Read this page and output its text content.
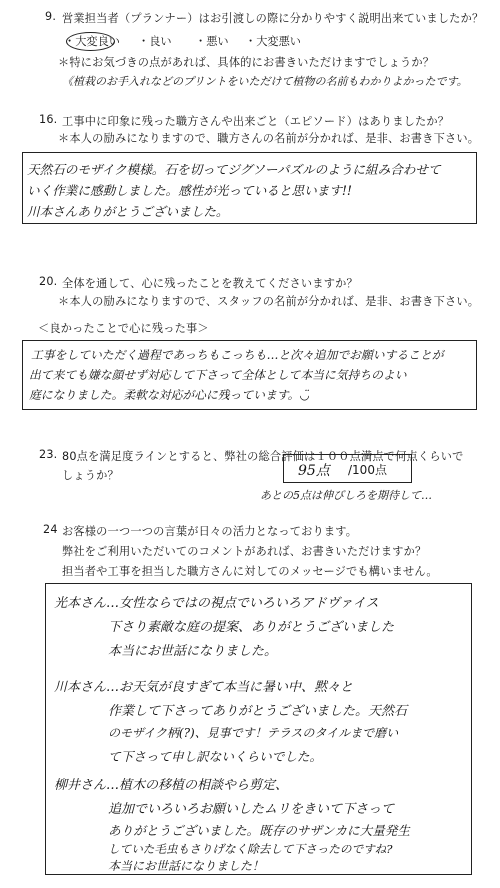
9. 営業担当者（プランナー）はお引渡しの際に分かりやすく説明出来ていましたか？
・大変良い ・良い ・悪い ・大変悪い
＊特にお気づきの点があれば、具体的にお書きいただけますでしょうか？
《植栽のお手入れなどのプリントをいただけて植物の名前もわかりよかったです。
16. 工事中に印象に残った職方さんや出来ごと（エピソード）はありましたか？
＊本人の励みになりますので、職方さんの名前が分かれば、是非、お書き下さい。
天然石のモザイク模様。石を切ってジグソーパズルのように組み合わせて
いく作業に感動しました。感性が光っていると思います!!
川本さんありがとうございました。
20. 全体を通して、心に残ったことを教えてくださいますか？
＊本人の励みになりますので、スタッフの名前が分かれば、是非、お書き下さい。
＜良かったことで心に残った事＞
工事をしていただく過程であっちもこっちも…と次々追加でお願いすることが
出て来ても嫌な顔せず対応して下さって全体として本当に気持ちのよい
庭になりました。柔軟な対応が心に残っています。◡̈
23. 80点を満足度ラインとすると、弊社の総合評価は１００点満点で何点くらいで
しょうか？	95点 /100点
あとの5点は伸びしろを期待して…
24 お客様の一つ一つの言葉が日々の活力となっております。
弊社をご利用いただいてのコメントがあれば、お書きいただけますか？
担当者や工事を担当した職方さんに対してのメッセージでも構いません。
光本さん…女性ならではの視点でいろいろアドヴァイス
下さり素敵な庭の提案、ありがとうございました
本当にお世話になりました。
川本さん…お天気が良すぎて本当に暑い中、黙々と
作業して下さってありがとうございました。天然石
のモザイク柄(?)、見事です！テラスのタイルまで磨い
て下さって申し訳ないくらいでした。
柳井さん…植木の移植の相談やら剪定、
追加でいろいろお願いしたムリをきいて下さって
ありがとうございました。既存のサザンカに大量発生
していた毛虫もさりげなく除去して下さったのですね?
本当にお世話になりました！
